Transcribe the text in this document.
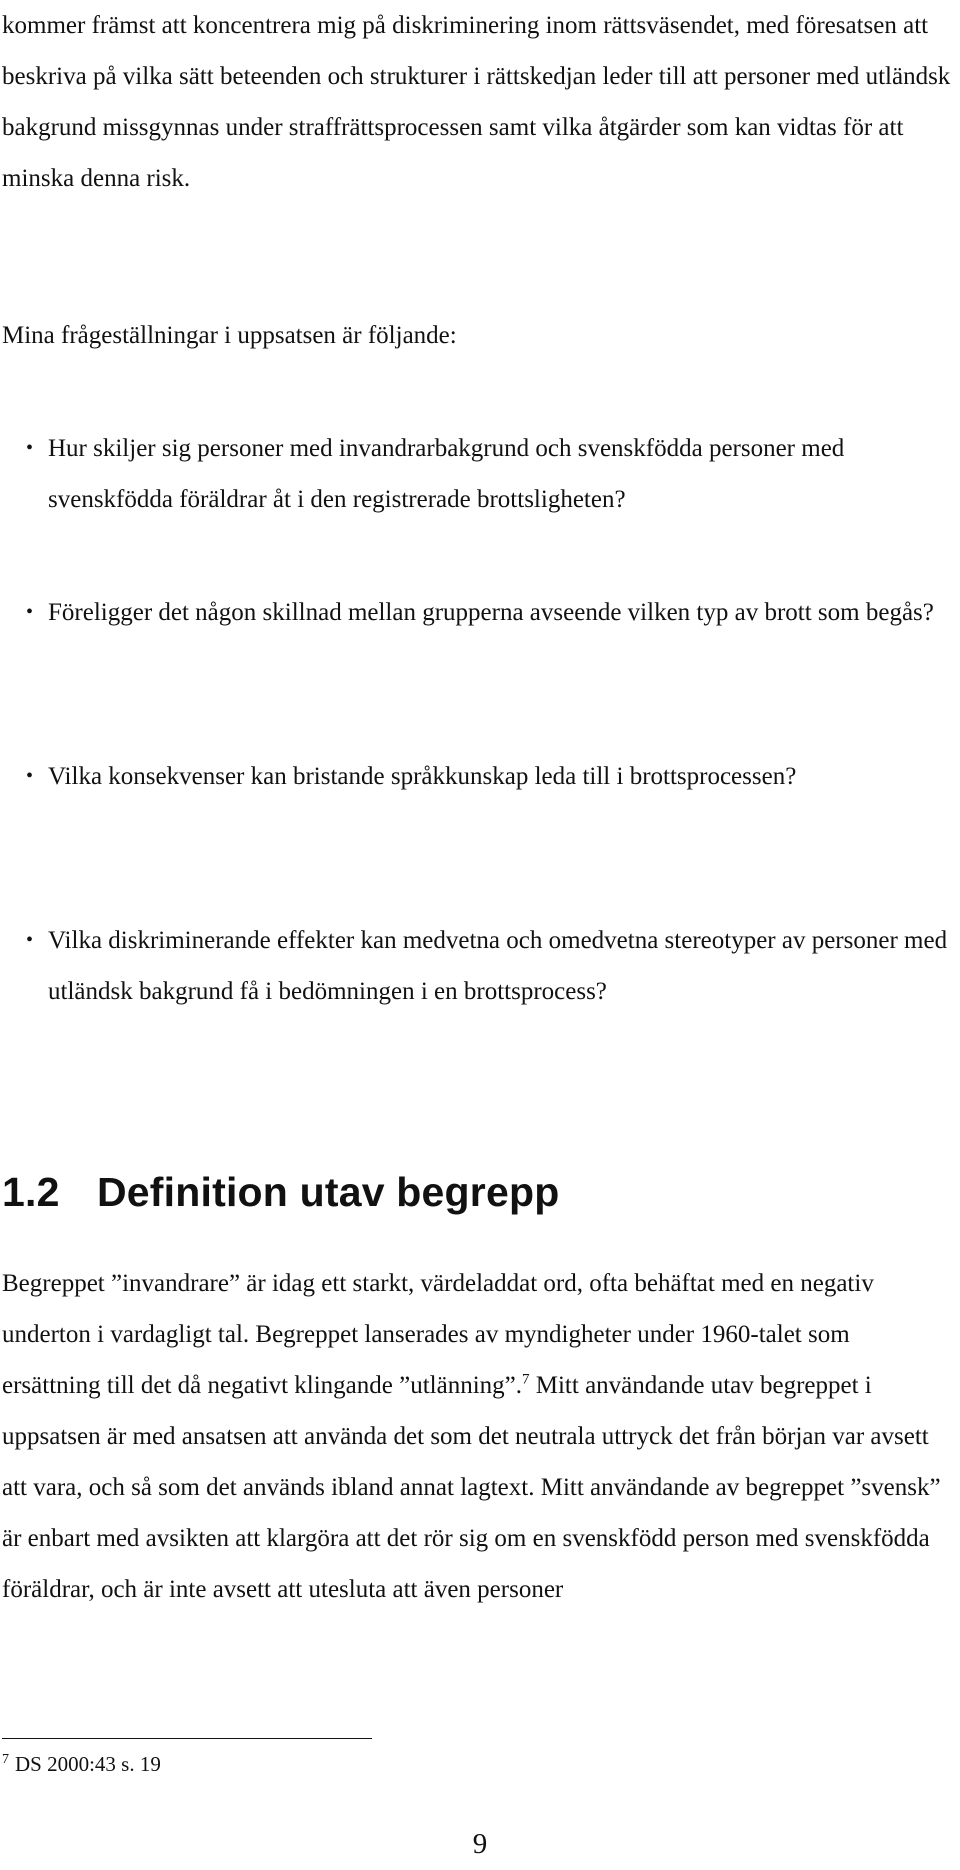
kommer främst att koncentrera mig på diskriminering inom rättsväsendet, med föresatsen att beskriva på vilka sätt beteenden och strukturer i rättskedjan leder till att personer med utländsk bakgrund missgynnas under straffrättsprocessen samt vilka åtgärder som kan vidtas för att minska denna risk.

Mina frågeställningar i uppsatsen är följande:

• Hur skiljer sig personer med invandrarbakgrund och svenskfödda personer med svenskfödda föräldrar åt i den registrerade brottsligheten?

• Föreligger det någon skillnad mellan grupperna avseende vilken typ av brott som begås?

• Vilka konsekvenser kan bristande språkkunskap leda till i brottsprocessen?

• Vilka diskriminerande effekter kan medvetna och omedvetna stereotyper av personer med utländsk bakgrund få i bedömningen i en brottsprocess?

1.2 Definition utav begrepp

Begreppet ”invandrare” är idag ett starkt, värdeladdat ord, ofta behäftat med en negativ underton i vardagligt tal. Begreppet lanserades av myndigheter under 1960-talet som ersättning till det då negativt klingande ”utlänning”.$^7$ Mitt användande utav begreppet i uppsatsen är med ansatsen att använda det som det neutrala uttryck det från början var avsett att vara, och så som det används ibland annat lagtext. Mitt användande av begreppet ”svensk” är enbart med avsikten att klargöra att det rör sig om en svenskfödd person med svenskfödda föräldrar, och är inte avsett att utesluta att även personer

$^7$ DS 2000:43 s. 19

9
